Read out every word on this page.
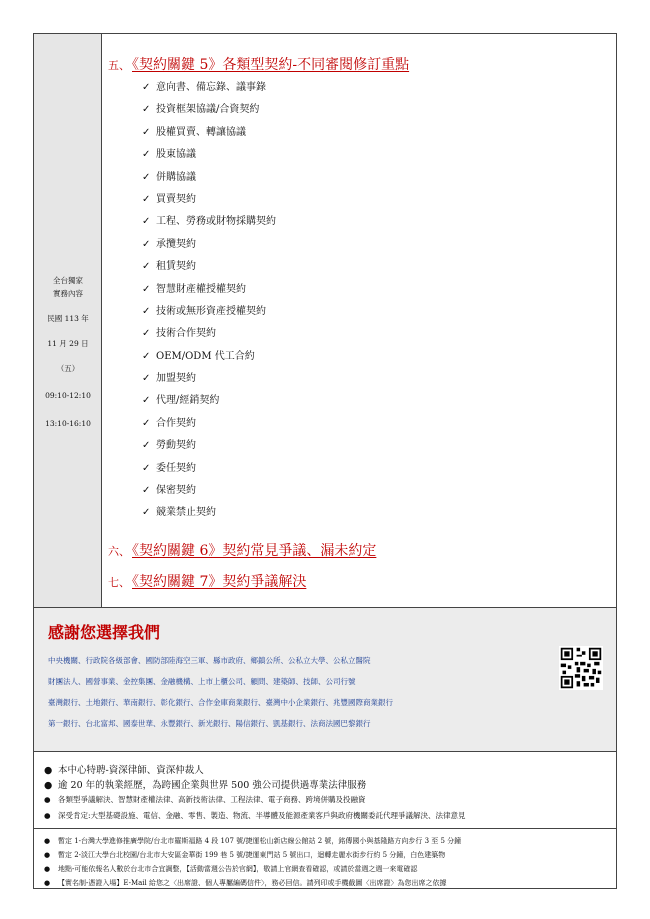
全台獨家
實務內容
民國 113 年
11 月 29 日
（五）
09:10-12:10
13:10-16:10
五、 《契約關鍵 5》各類型契約-不同審閱修訂重點
✓ 意向書、備忘錄、議事錄
✓ 投資框架協議/合資契約
✓ 股權買賣、轉讓協議
✓ 股東協議
✓ 併購協議
✓ 買賣契約
✓ 工程、勞務或財物採購契約
✓ 承攬契約
✓ 租賃契約
✓ 智慧財產權授權契約
✓ 技術或無形資產授權契約
✓ 技術合作契約
✓ OEM/ODM 代工合約
✓ 加盟契約
✓ 代理/經銷契約
✓ 合作契約
✓ 勞動契約
✓ 委任契約
✓ 保密契約
✓ 競業禁止契約
六、 《契約關鍵 6》契約常見爭議、漏未約定
七、 《契約關鍵 7》契約爭議解決
感謝您選擇我們
中央機關、行政院各級部會、國防部陸海空三軍、縣市政府、鄉鎮公所、公私立大學、公私立醫院
財團法人、國營事業、金控集團、金融機構、上市上櫃公司、顧問、建築師、技師、公司行號
臺灣銀行、土地銀行、華南銀行、彰化銀行、合作金庫商業銀行、臺灣中小企業銀行、兆豐國際商業銀行
第一銀行、台北富邦、國泰世華、永豐銀行、新光銀行、陽信銀行、凱基銀行、法商法國巴黎銀行
● 本中心特聘-資深律師、資深仲裁人
● 逾 20 年的執業經歷，為跨國企業與世界 500 強公司提供過專業法律服務
● 各類型爭議解決、智慧財產權法律、高新技術法律、工程法律、電子商務、跨境併購及投融資
● 深受肯定:大型基礎設施、電信、金融、零售、製造、物流、半導體及能源產業客戶與政府機關委託代理爭議解決、法律意見
● 暫定 1-台灣大學進修推廣學院/台北市羅斯福路 4 段 107 號/捷運松山新店線公館站 2 號，銘傳國小與基隆路方向步行 3 至 5 分鐘
● 暫定 2-淡江大學台北校園/台北市大安區金華街 199 巷 5 號/捷運東門站 5 號出口，迴轉走麗水街步行約 5 分鐘，白色建築物
● 地點-可能依報名人數於台北市合宜調整，【活動當週公告於官網】，敬請上官網查看確認，或請於當週之週一來電確認
● 【實名制-憑證入場】E-Mail 給您之〈出席證、個人專屬編碼信件〉，務必回信。請列印或手機截圖〈出席證〉為您出席之依據
